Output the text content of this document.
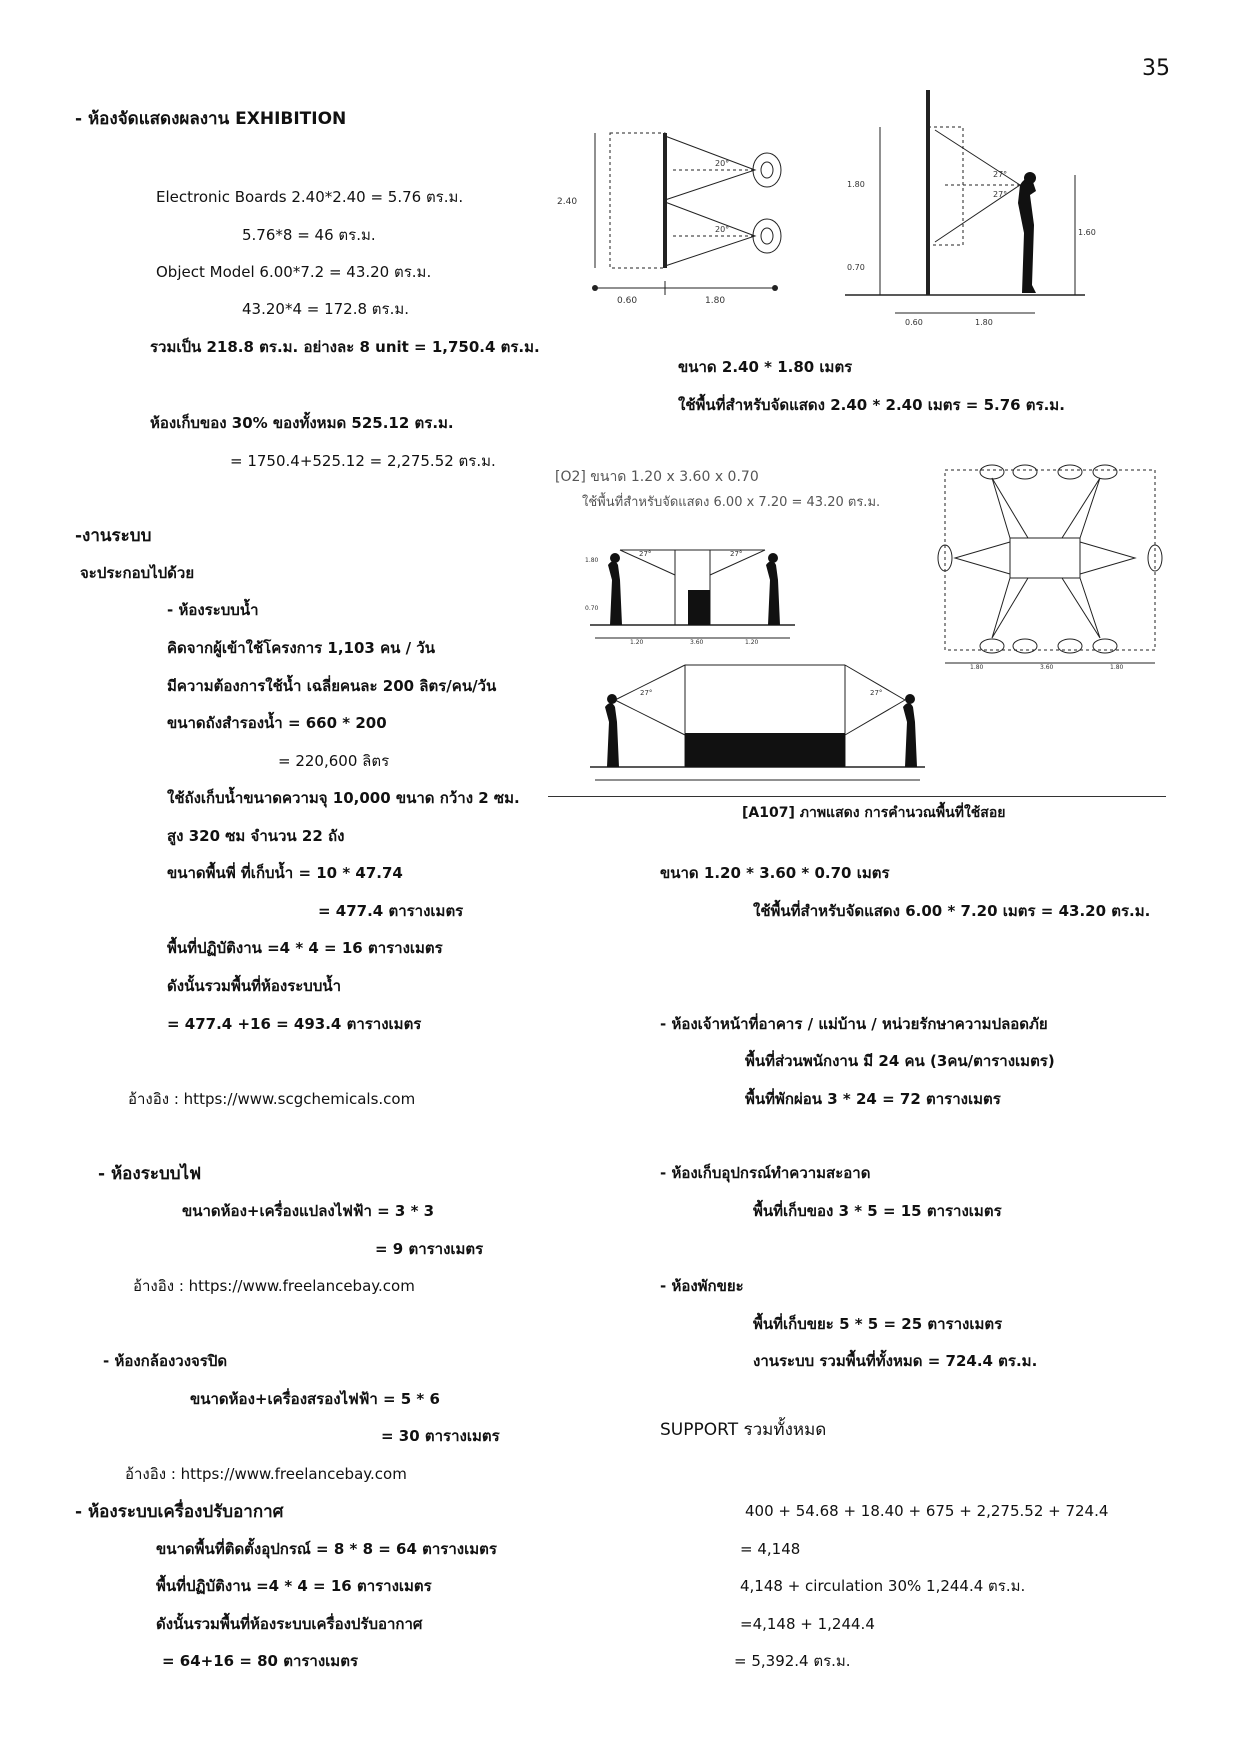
35
- ห้องจัดแสดงผลงาน EXHIBITION
Electronic Boards 2.40*2.40 = 5.76 ตร.ม.
5.76*8 = 46 ตร.ม.
Object Model 6.00*7.2 = 43.20 ตร.ม.
43.20*4 = 172.8 ตร.ม.
รวมเป็น 218.8 ตร.ม. อย่างละ 8 unit = 1,750.4 ตร.ม.
ห้องเก็บของ 30% ของทั้งหมด 525.12 ตร.ม.
= 1750.4+525.12 = 2,275.52 ตร.ม.
-งานระบบ
จะประกอบไปด้วย
- ห้องระบบน้ำ
คิดจากผู้เข้าใช้โครงการ 1,103 คน / วัน
มีความต้องการใช้น้ำ เฉลี่ยคนละ 200 ลิตร/คน/วัน
ขนาดถังสำรองน้ำ = 660 * 200
= 220,600 ลิตร
ใช้ถังเก็บน้ำขนาดความจุ 10,000 ขนาด กว้าง 2 ซม.
สูง 320 ซม จำนวน 22 ถัง
ขนาดพื้นพี่ ที่เก็บน้ำ = 10 * 47.74
= 477.4 ตารางเมตร
พื้นที่ปฏิบัติงาน =4 * 4 = 16 ตารางเมตร
ดังนั้นรวมพื้นที่ห้องระบบน้ำ
= 477.4 +16 = 493.4 ตารางเมตร
อ้างอิง : https://www.scgchemicals.com
- ห้องระบบไฟ
ขนาดห้อง+เครื่องแปลงไฟฟ้า = 3 * 3
= 9 ตารางเมตร
อ้างอิง : https://www.freelancebay.com
- ห้องกล้องวงจรปิด
ขนาดห้อง+เครื่องสรองไฟฟ้า = 5 * 6
= 30 ตารางเมตร
อ้างอิง : https://www.freelancebay.com
- ห้องระบบเครื่องปรับอากาศ
ขนาดพื้นที่ติดตั้งอุปกรณ์ = 8 * 8 = 64 ตารางเมตร
พื้นที่ปฏิบัติงาน =4 * 4 = 16 ตารางเมตร
ดังนั้นรวมพื้นที่ห้องระบบเครื่องปรับอากาศ
= 64+16 = 80 ตารางเมตร
2.40
0.60	1.80
20°
20°
1.80
0.70
1.60
0.60	1.80
27°
27°
ขนาด 2.40 * 1.80 เมตร
ใช้พื้นที่สำหรับจัดแสดง 2.40 * 2.40 เมตร = 5.76 ตร.ม.
[O2] ขนาด 1.20 x 3.60 x 0.70
ใช้พื้นที่สำหรับจัดแสดง 6.00 x 7.20 = 43.20 ตร.ม.
27°	27°
1.80
0.70
1.20	3.60	1.20
1.80	3.60	1.80
27°	27°
[A107] ภาพแสดง การคำนวณพื้นที่ใช้สอย
ขนาด 1.20 * 3.60 * 0.70 เมตร
ใช้พื้นที่สำหรับจัดแสดง 6.00 * 7.20 เมตร = 43.20 ตร.ม.
- ห้องเจ้าหน้าที่อาคาร / แม่บ้าน / หน่วยรักษาความปลอดภัย
พื้นที่ส่วนพนักงาน มี 24 คน (3คน/ตารางเมตร)
พื้นที่พักผ่อน 3 * 24 = 72 ตารางเมตร
- ห้องเก็บอุปกรณ์ทำความสะอาด
พื้นที่เก็บของ 3 * 5 = 15 ตารางเมตร
- ห้องพักขยะ
พื้นที่เก็บขยะ 5 * 5 = 25 ตารางเมตร
งานระบบ รวมพื้นที่ทั้งหมด = 724.4 ตร.ม.
SUPPORT รวมทั้งหมด
400 + 54.68 + 18.40 + 675 + 2,275.52 + 724.4
= 4,148
4,148 + circulation 30% 1,244.4 ตร.ม.
=4,148 + 1,244.4
= 5,392.4 ตร.ม.
